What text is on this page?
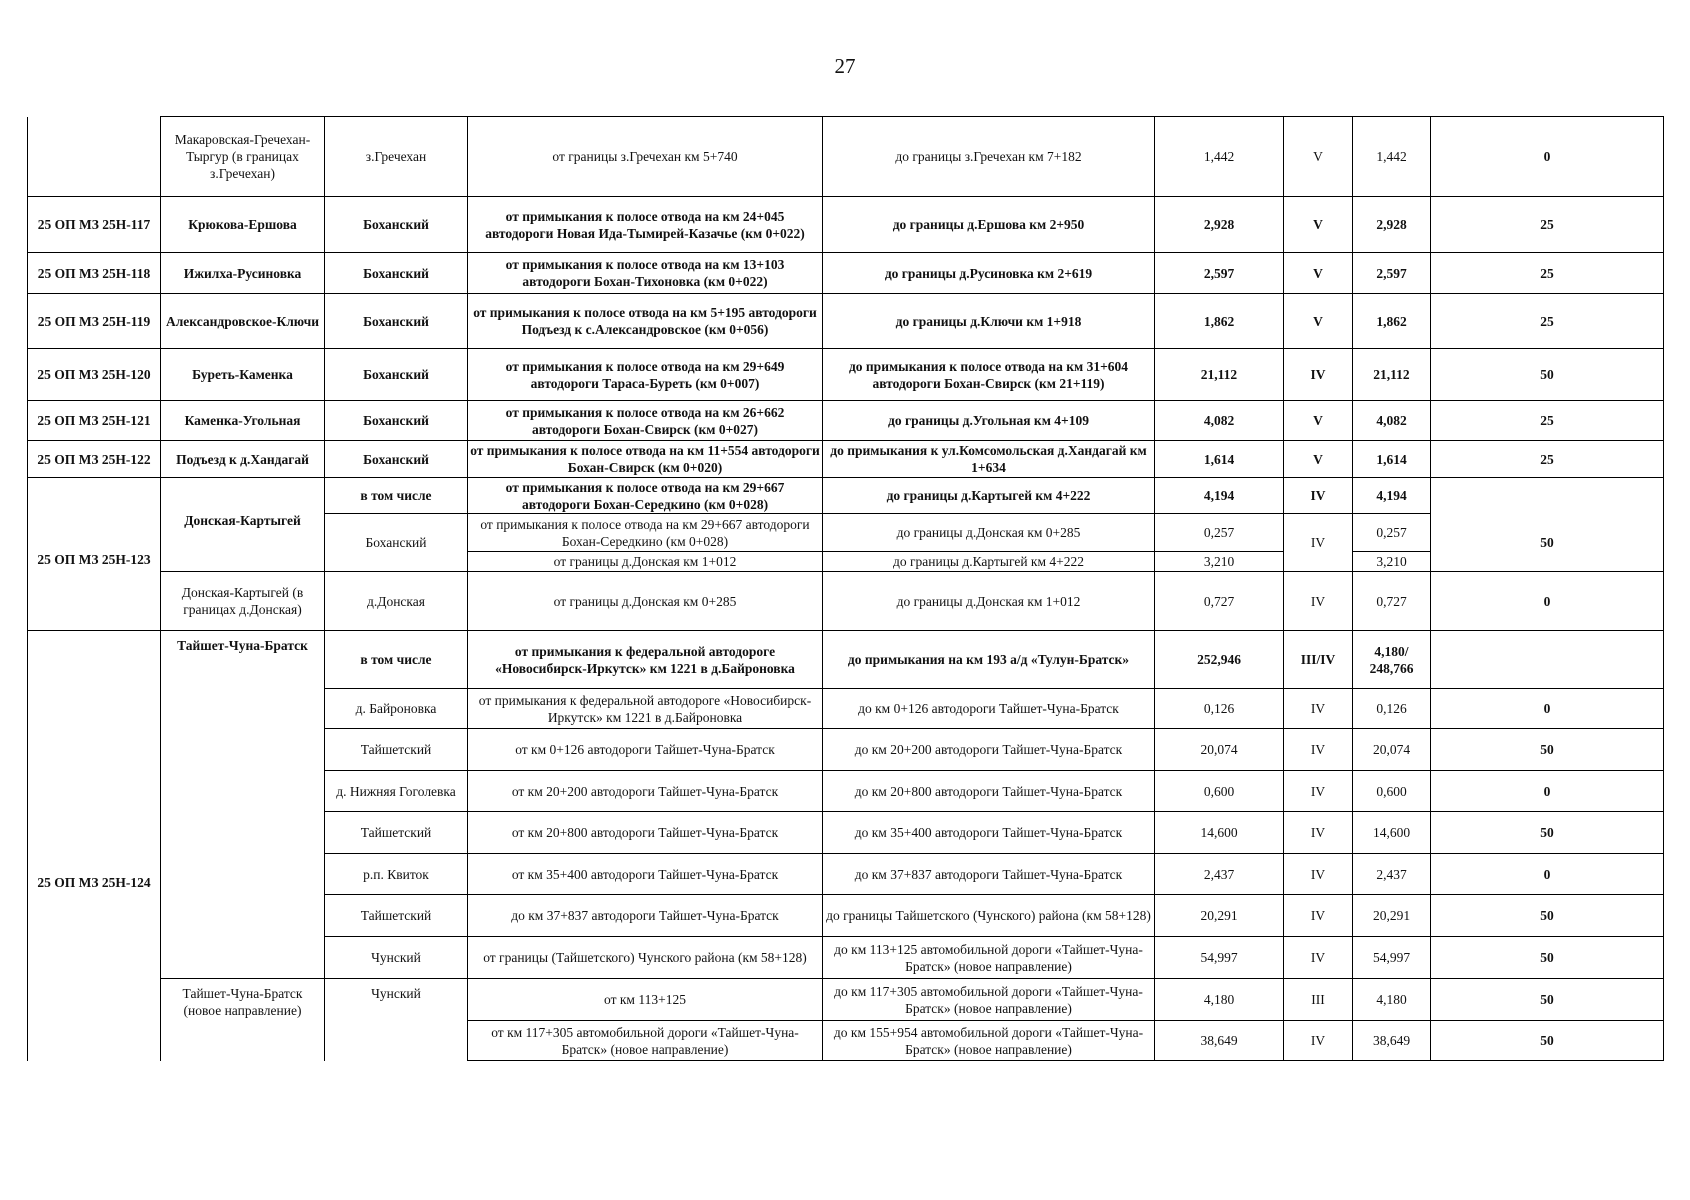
27
	Макаровская-Гречехан-Тыргур (в границах з.Гречехан)	з.Гречехан	от границы з.Гречехан км 5+740	до границы з.Гречехан км 7+182	1,442	V	1,442	0
25 ОП МЗ 25Н-117	Крюкова-Ершова	Боханский	от примыкания к полосе отвода на км 24+045 автодороги Новая Ида-Тымирей-Казачье (км 0+022)	до границы д.Ершова км 2+950	2,928	V	2,928	25
25 ОП МЗ 25Н-118	Ижилха-Русиновка	Боханский	от примыкания к полосе отвода на км 13+103 автодороги Бохан-Тихоновка (км 0+022)	до границы д.Русиновка км 2+619	2,597	V	2,597	25
25 ОП МЗ 25Н-119	Александровское-Ключи	Боханский	от примыкания к полосе отвода на км 5+195 автодороги Подъезд к с.Александровское (км 0+056)	до границы д.Ключи км 1+918	1,862	V	1,862	25
25 ОП МЗ 25Н-120	Буреть-Каменка	Боханский	от примыкания к полосе отвода на км 29+649 автодороги Тараса-Буреть (км 0+007)	до примыкания к полосе отвода на км 31+604 автодороги Бохан-Свирск (км 21+119)	21,112	IV	21,112	50
25 ОП МЗ 25Н-121	Каменка-Угольная	Боханский	от примыкания к полосе отвода на км 26+662 автодороги Бохан-Свирск (км 0+027)	до границы д.Угольная км 4+109	4,082	V	4,082	25
25 ОП МЗ 25Н-122	Подъезд к д.Хандагай	Боханский	от примыкания к полосе отвода на км 11+554 автодороги Бохан-Свирск (км 0+020)	до примыкания к ул.Комсомольская д.Хандагай км 1+634	1,614	V	1,614	25
25 ОП МЗ 25Н-123	Донская-Картыгей	в том числе	от примыкания к полосе отвода на км 29+667 автодороги Бохан-Середкино (км 0+028)	до границы д.Картыгей км 4+222	4,194	IV	4,194	
		Боханский	от примыкания к полосе отвода на км 29+667 автодороги Бохан-Середкино (км 0+028)	до границы д.Донская км 0+285	0,257	IV	0,257	50
			от границы д.Донская км 1+012	до границы д.Картыгей км 4+222	3,210		3,210	
	Донская-Картыгей (в границах д.Донская)	д.Донская	от границы д.Донская км 0+285	до границы д.Донская км 1+012	0,727	IV	0,727	0
25 ОП МЗ 25Н-124	Тайшет-Чуна-Братск	в том числе	от примыкания к федеральной автодороге «Новосибирск-Иркутск» км 1221 в д.Байроновка	до примыкания на км 193 а/д «Тулун-Братск»	252,946	III/IV	4,180/ 248,766	
		д. Байроновка	от примыкания к федеральной автодороге «Новосибирск-Иркутск» км 1221 в д.Байроновка	до км 0+126 автодороги Тайшет-Чуна-Братск	0,126	IV	0,126	0
		Тайшетский	от км 0+126 автодороги Тайшет-Чуна-Братск	до км 20+200 автодороги Тайшет-Чуна-Братск	20,074	IV	20,074	50
		д. Нижняя Гоголевка	от км 20+200 автодороги Тайшет-Чуна-Братск	до км 20+800 автодороги Тайшет-Чуна-Братск	0,600	IV	0,600	0
		Тайшетский	от км 20+800 автодороги Тайшет-Чуна-Братск	до км 35+400 автодороги Тайшет-Чуна-Братск	14,600	IV	14,600	50
		р.п. Квиток	от км 35+400 автодороги Тайшет-Чуна-Братск	до км 37+837 автодороги Тайшет-Чуна-Братск	2,437	IV	2,437	0
		Тайшетский	до км 37+837 автодороги Тайшет-Чуна-Братск	до границы Тайшетского (Чунского) района (км 58+128)	20,291	IV	20,291	50
		Чунский	от границы (Тайшетского) Чунского района (км 58+128)	до км 113+125 автомобильной дороги «Тайшет-Чуна-Братск» (новое направление)	54,997	IV	54,997	50
	Тайшет-Чуна-Братск (новое направление)	Чунский	от км 113+125	до км 117+305 автомобильной дороги «Тайшет-Чуна-Братск» (новое направление)	4,180	III	4,180	50
			от км 117+305 автомобильной дороги «Тайшет-Чуна-Братск» (новое направление)	до км 155+954 автомобильной дороги «Тайшет-Чуна-Братск» (новое направление)	38,649	IV	38,649	50
